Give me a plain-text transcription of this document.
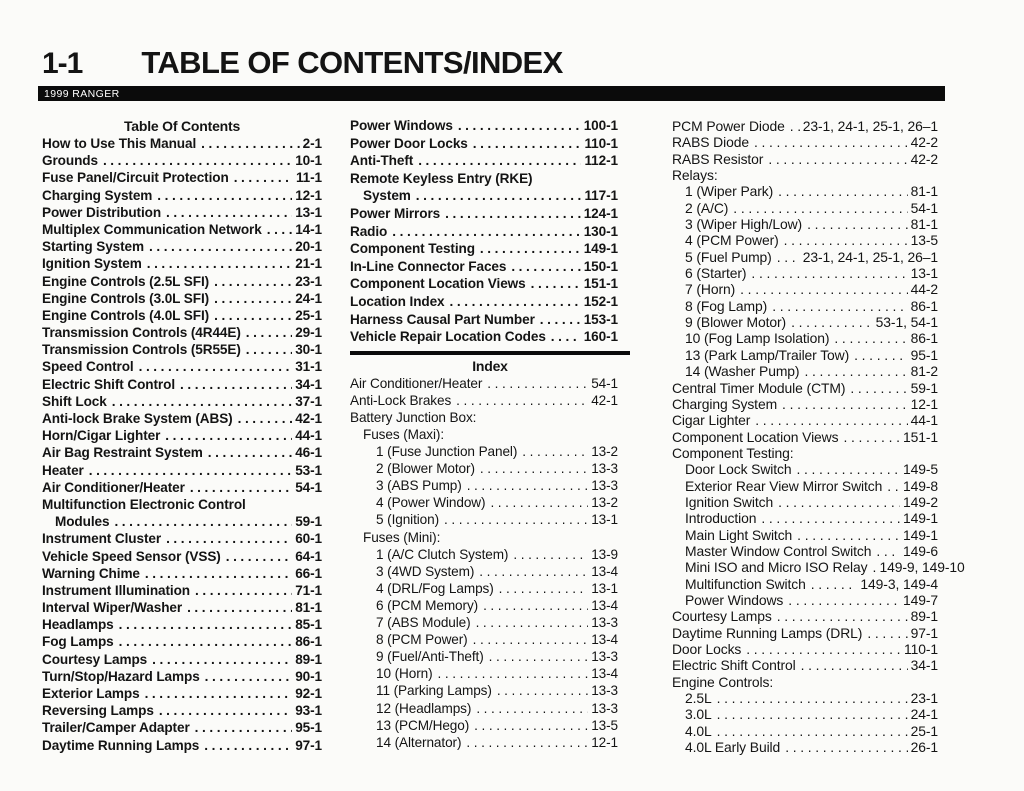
1-1 TABLE OF CONTENTS/INDEX
1999 RANGER
Table Of Contents
How to Use This Manual . . .	2-1
Grounds . . .	10-1
Fuse Panel/Circuit Protection . . .	11-1
Charging System . . .	12-1
Power Distribution . . .	13-1
Multiplex Communication Network . . . 14-1
Starting System . . .	20-1
Ignition System . . .	21-1
Engine Controls (2.5L SFI) . . .	23-1
Engine Controls (3.0L SFI) . . .	24-1
Engine Controls (4.0L SFI) . . .	25-1
Transmission Controls (4R44E) . . .	29-1
Transmission Controls (5R55E) . . .	30-1
Speed Control . . .	31-1
Electric Shift Control . . .	34-1
Shift Lock . . .	37-1
Anti-lock Brake System (ABS) . . .	42-1
Horn/Cigar Lighter . . .	44-1
Air Bag Restraint System . . .	46-1
Heater . . .	53-1
Air Conditioner/Heater . . .	54-1
Multifunction Electronic Control
Modules . . .	59-1
Instrument Cluster . . .	60-1
Vehicle Speed Sensor (VSS) . . .	64-1
Warning Chime . . .	66-1
Instrument Illumination . . .	71-1
Interval Wiper/Washer . . .	81-1
Headlamps . . .	85-1
Fog Lamps . . .	86-1
Courtesy Lamps . . .	89-1
Turn/Stop/Hazard Lamps . . .	90-1
Exterior Lamps . . .	92-1
Reversing Lamps . . .	93-1
Trailer/Camper Adapter . . .	95-1
Daytime Running Lamps . . .	97-1
Power Windows . . .	100-1
Power Door Locks . . .	110-1
Anti-Theft . . .	112-1
Remote Keyless Entry (RKE)
System . . .	117-1
Power Mirrors . . .	124-1
Radio . . .	130-1
Component Testing . . .	149-1
In-Line Connector Faces . . .	150-1
Component Location Views . . .	151-1
Location Index . . .	152-1
Harness Causal Part Number . . .	153-1
Vehicle Repair Location Codes . . .	160-1
Index
Air Conditioner/Heater . . .	54-1
Anti-Lock Brakes . . .	42-1
Battery Junction Box:
Fuses (Maxi):
1 (Fuse Junction Panel) . . .	13-2
2 (Blower Motor) . . .	13-3
3 (ABS Pump) . . .	13-3
4 (Power Window) . . .	13-2
5 (Ignition) . . .	13-1
Fuses (Mini):
1 (A/C Clutch System) . . .	13-9
3 (4WD System) . . .	13-4
4 (DRL/Fog Lamps) . . .	13-1
6 (PCM Memory) . . .	13-4
7 (ABS Module) . . .	13-3
8 (PCM Power) . . .	13-4
9 (Fuel/Anti-Theft) . . .	13-3
10 (Horn) . . .	13-4
11 (Parking Lamps) . . .	13-3
12 (Headlamps) . . .	13-3
13 (PCM/Hego) . . .	13-5
14 (Alternator) . . .	12-1
PCM Power Diode . . . 23-1, 24-1, 25-1, 26–1
RABS Diode . . .	42-2
RABS Resistor . . .	42-2
Relays:
1 (Wiper Park) . . .	81-1
2 (A/C) . . .	54-1
3 (Wiper High/Low) . . .	81-1
4 (PCM Power) . . .	13-5
5 (Fuel Pump) . . . 23-1, 24-1, 25-1, 26–1
6 (Starter) . . .	13-1
7 (Horn) . . .	44-2
8 (Fog Lamp) . . .	86-1
9 (Blower Motor) . . .	53-1, 54-1
10 (Fog Lamp Isolation) . . .	86-1
13 (Park Lamp/Trailer Tow) . . .	95-1
14 (Washer Pump) . . .	81-2
Central Timer Module (CTM) . . .	59-1
Charging System . . .	12-1
Cigar Lighter . . .	44-1
Component Location Views . . .	151-1
Component Testing:
Door Lock Switch . . .	149-5
Exterior Rear View Mirror Switch . . . 149-8
Ignition Switch . . .	149-2
Introduction . . .	149-1
Main Light Switch . . .	149-1
Master Window Control Switch . . . 149-6
Mini ISO and Micro ISO Relay . . . 149-9, 149-10
Multifunction Switch . . .	149-3, 149-4
Power Windows . . .	149-7
Courtesy Lamps . . .	89-1
Daytime Running Lamps (DRL) . . .	97-1
Door Locks . . .	110-1
Electric Shift Control . . .	34-1
Engine Controls:
2.5L . . .	23-1
3.0L . . .	24-1
4.0L . . .	25-1
4.0L Early Build . . .	26-1
